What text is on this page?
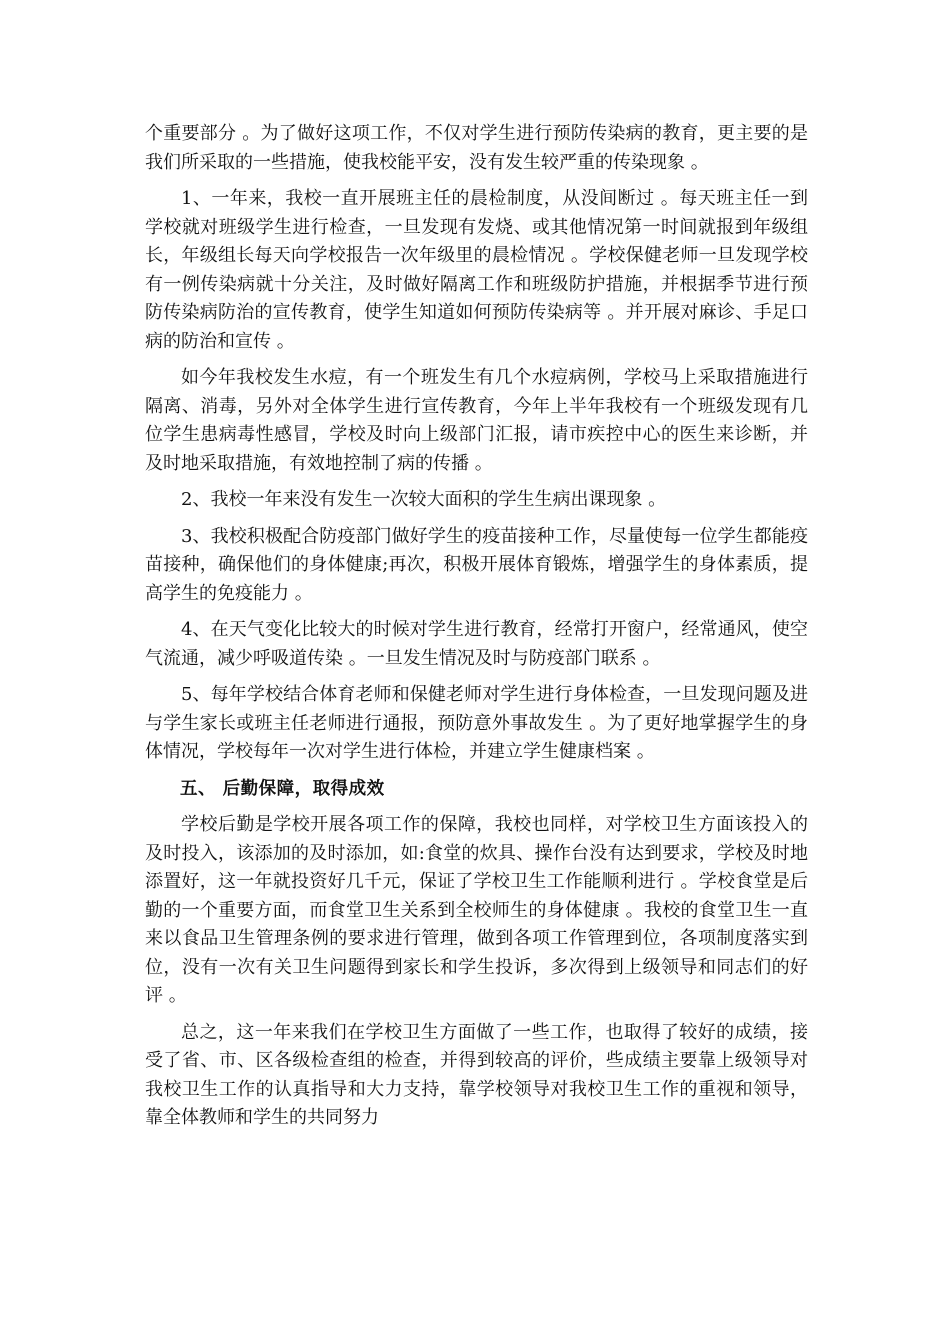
个重要部分 。为了做好这项工作，不仅对学生进行预防传染病的教育，更主要的是我们所采取的一些措施，使我校能平安，没有发生较严重的传染现象 。

1、一年来，我校一直开展班主任的晨检制度，从没间断过 。每天班主任一到学校就对班级学生进行检查，一旦发现有发烧、或其他情况第一时间就报到年级组长，年级组长每天向学校报告一次年级里的晨检情况 。学校保健老师一旦发现学校有一例传染病就十分关注，及时做好隔离工作和班级防护措施，并根据季节进行预防传染病防治的宣传教育，使学生知道如何预防传染病等 。并开展对麻诊、手足口病的防治和宣传 。

如今年我校发生水痘，有一个班发生有几个水痘病例，学校马上采取措施进行隔离、消毒，另外对全体学生进行宣传教育，今年上半年我校有一个班级发现有几位学生患病毒性感冒，学校及时向上级部门汇报，请市疾控中心的医生来诊断，并及时地采取措施，有效地控制了病的传播 。

2、我校一年来没有发生一次较大面积的学生生病出课现象 。

3、我校积极配合防疫部门做好学生的疫苗接种工作，尽量使每一位学生都能疫苗接种，确保他们的身体健康;再次，积极开展体育锻炼，增强学生的身体素质，提高学生的免疫能力 。

4、在天气变化比较大的时候对学生进行教育，经常打开窗户，经常通风，使空气流通，减少呼吸道传染 。一旦发生情况及时与防疫部门联系 。

5、每年学校结合体育老师和保健老师对学生进行身体检查，一旦发现问题及进与学生家长或班主任老师进行通报，预防意外事故发生 。为了更好地掌握学生的身体情况，学校每年一次对学生进行体检，并建立学生健康档案 。

五、 后勤保障，取得成效

学校后勤是学校开展各项工作的保障，我校也同样，对学校卫生方面该投入的及时投入，该添加的及时添加，如:食堂的炊具、操作台没有达到要求，学校及时地添置好，这一年就投资好几千元，保证了学校卫生工作能顺利进行 。学校食堂是后勤的一个重要方面，而食堂卫生关系到全校师生的身体健康 。我校的食堂卫生一直来以食品卫生管理条例的要求进行管理，做到各项工作管理到位，各项制度落实到位，没有一次有关卫生问题得到家长和学生投诉，多次得到上级领导和同志们的好评 。

总之，这一年来我们在学校卫生方面做了一些工作，也取得了较好的成绩，接受了省、市、区各级检查组的检查，并得到较高的评价，些成绩主要靠上级领导对我校卫生工作的认真指导和大力支持，靠学校领导对我校卫生工作的重视和领导，靠全体教师和学生的共同努力
